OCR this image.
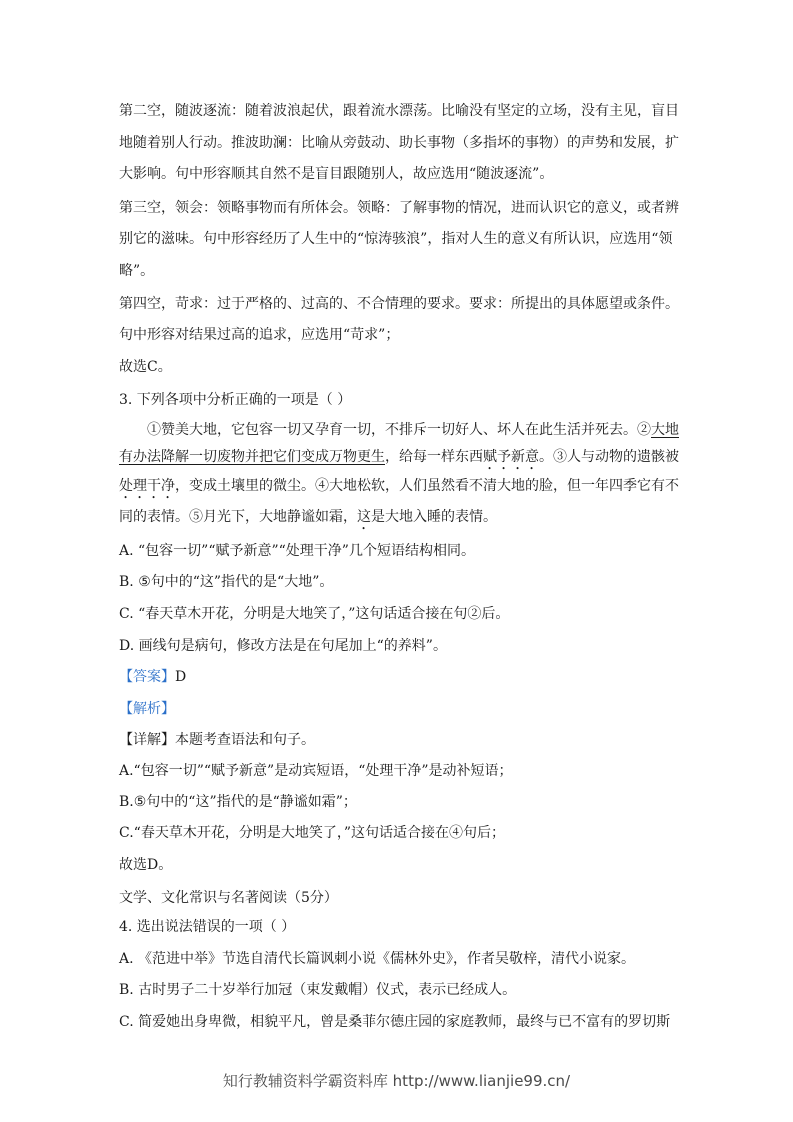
第二空，随波逐流：随着波浪起伏，跟着流水漂荡。比喻没有坚定的立场，没有主见，盲目
地随着别人行动。推波助澜：比喻从旁鼓动、助长事物（多指坏的事物）的声势和发展，扩
大影响。句中形容顺其自然不是盲目跟随别人，故应选用“随波逐流”。
第三空，领会：领略事物而有所体会。领略：了解事物的情况，进而认识它的意义，或者辨
别它的滋味。句中形容经历了人生中的“惊涛骇浪”，指对人生的意义有所认识，应选用“领
略”。
第四空，苛求：过于严格的、过高的、不合情理的要求。要求：所提出的具体愿望或条件。
句中形容对结果过高的追求，应选用“苛求”；
故选C。
3. 下列各项中分析正确的一项是（ ）
①赞美大地，它包容一切又孕育一切，不排斥一切好人、坏人在此生活并死去。②大地
有办法降解一切废物并把它们变成万物更生，给每一样东西赋予新意。③人与动物的遗骸被
处理干净，变成土壤里的微尘。④大地松软，人们虽然看不清大地的脸，但一年四季它有不
同的表情。⑤月光下，大地静谧如霜，这是大地入睡的表情。
A. “包容一切”“赋予新意”“处理干净”几个短语结构相同。
B. ⑤句中的“这”指代的是“大地”。
C. “春天草木开花，分明是大地笑了，”这句话适合接在句②后。
D. 画线句是病句，修改方法是在句尾加上“的养料”。
【答案】D
【解析】
【详解】本题考查语法和句子。
A.“包容一切”“赋予新意”是动宾短语，“处理干净”是动补短语；
B.⑤句中的“这”指代的是“静谧如霜”；
C.“春天草木开花，分明是大地笑了，”这句话适合接在④句后；
故选D。
文学、文化常识与名著阅读（5分）
4. 选出说法错误的一项（ ）
A. 《范进中举》节选自清代长篇讽刺小说《儒林外史》，作者吴敬梓，清代小说家。
B. 古时男子二十岁举行加冠（束发戴帽）仪式，表示已经成人。
C. 简爱她出身卑微，相貌平凡，曾是桑菲尔德庄园的家庭教师，最终与已不富有的罗切斯
知行教辅资料学霸资料库 http://www.lianjie99.cn/
